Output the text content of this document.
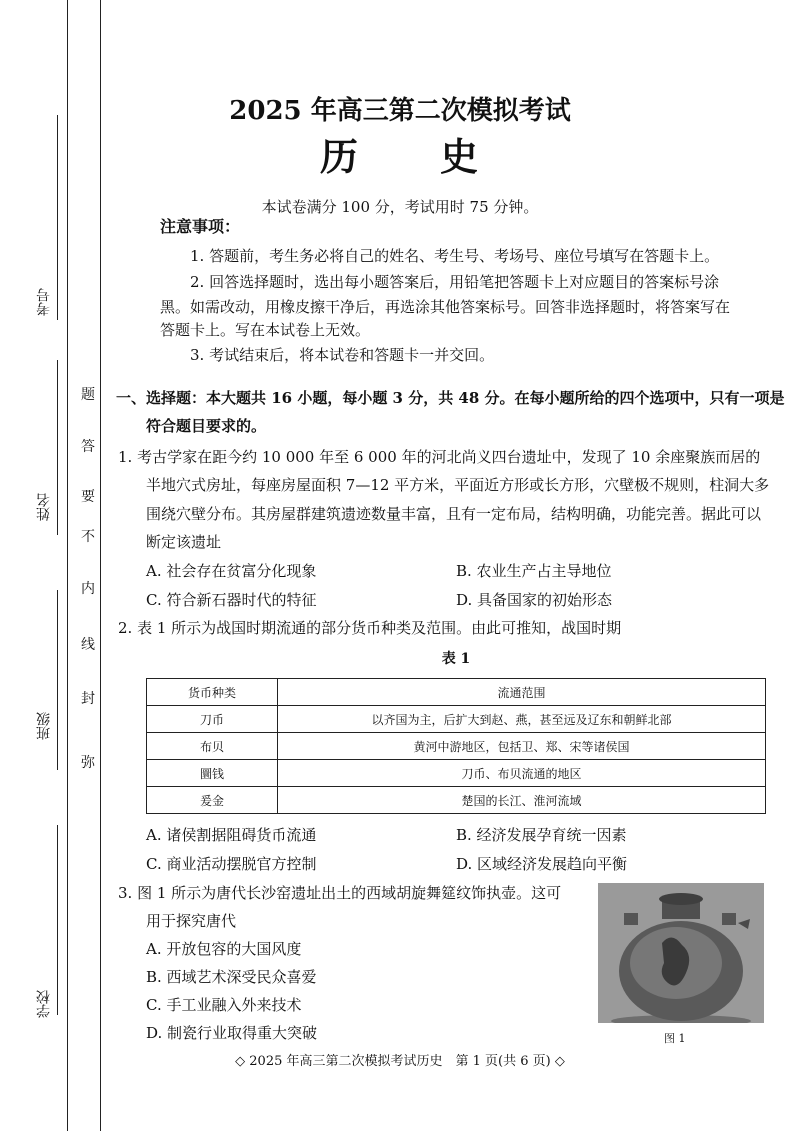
学校
班级
姓名
考号
弥
封
线
内
不
要
答
题
2025 年高三第二次模拟考试
历　　史
本试卷满分 100 分，考试用时 75 分钟。
注意事项：
1. 答题前，考生务必将自己的姓名、考生号、考场号、座位号填写在答题卡上。
2. 回答选择题时，选出每小题答案后，用铅笔把答题卡上对应题目的答案标号涂
黑。如需改动，用橡皮擦干净后，再选涂其他答案标号。回答非选择题时，将答案写在
答题卡上。写在本试卷上无效。
3. 考试结束后，将本试卷和答题卡一并交回。
一、选择题：本大题共 16 小题，每小题 3 分，共 48 分。在每小题所给的四个选项中，只有一项是
符合题目要求的。
1. 考古学家在距今约 10 000 年至 6 000 年的河北尚义四台遗址中，发现了 10 余座聚族而居的
半地穴式房址，每座房屋面积 7—12 平方米，平面近方形或长方形，穴壁极不规则，柱洞大多
围绕穴壁分布。其房屋群建筑遗迹数量丰富，且有一定布局，结构明确，功能完善。据此可以
断定该遗址
A. 社会存在贫富分化现象	B. 农业生产占主导地位
C. 符合新石器时代的特征	D. 具备国家的初始形态
2. 表 1 所示为战国时期流通的部分货币种类及范围。由此可推知，战国时期
表 1
货币种类	流通范围
刀币	以齐国为主，后扩大到赵、燕，甚至远及辽东和朝鲜北部
布贝	黄河中游地区，包括卫、郑、宋等诸侯国
圜钱	刀币、布贝流通的地区
爰金	楚国的长江、淮河流域
A. 诸侯割据阻碍货币流通	B. 经济发展孕育统一因素
C. 商业活动摆脱官方控制	D. 区域经济发展趋向平衡
3. 图 1 所示为唐代长沙窑遗址出土的西域胡旋舞筵纹饰执壶。这可
用于探究唐代
A. 开放包容的大国风度
B. 西域艺术深受民众喜爱
C. 手工业融入外来技术
D. 制瓷行业取得重大突破	图 1
◇ 2025 年高三第二次模拟考试历史　第 1 页(共 6 页) ◇
